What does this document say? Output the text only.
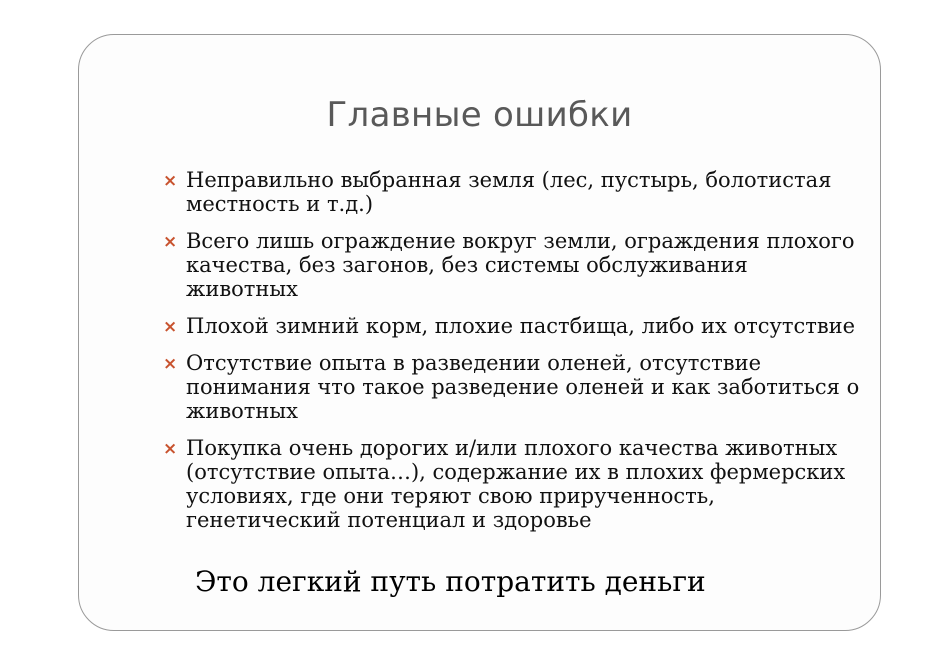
Главные ошибки
× Неправильно выбранная земля (лес, пустырь, болотистая местность и т.д.)
× Всего лишь ограждение вокруг земли, ограждения плохого качества, без загонов, без системы обслуживания животных
× Плохой зимний корм, плохие пастбища, либо их отсутствие
× Отсутствие опыта в разведении оленей, отсутствие понимания что такое разведение оленей и как заботиться о животных
× Покупка очень дорогих и/или плохого качества животных (отсутствие опыта…), содержание их в плохих фермерских условиях, где они теряют свою прирученность, генетический потенциал и здоровье

Это легкий путь потратить деньги
